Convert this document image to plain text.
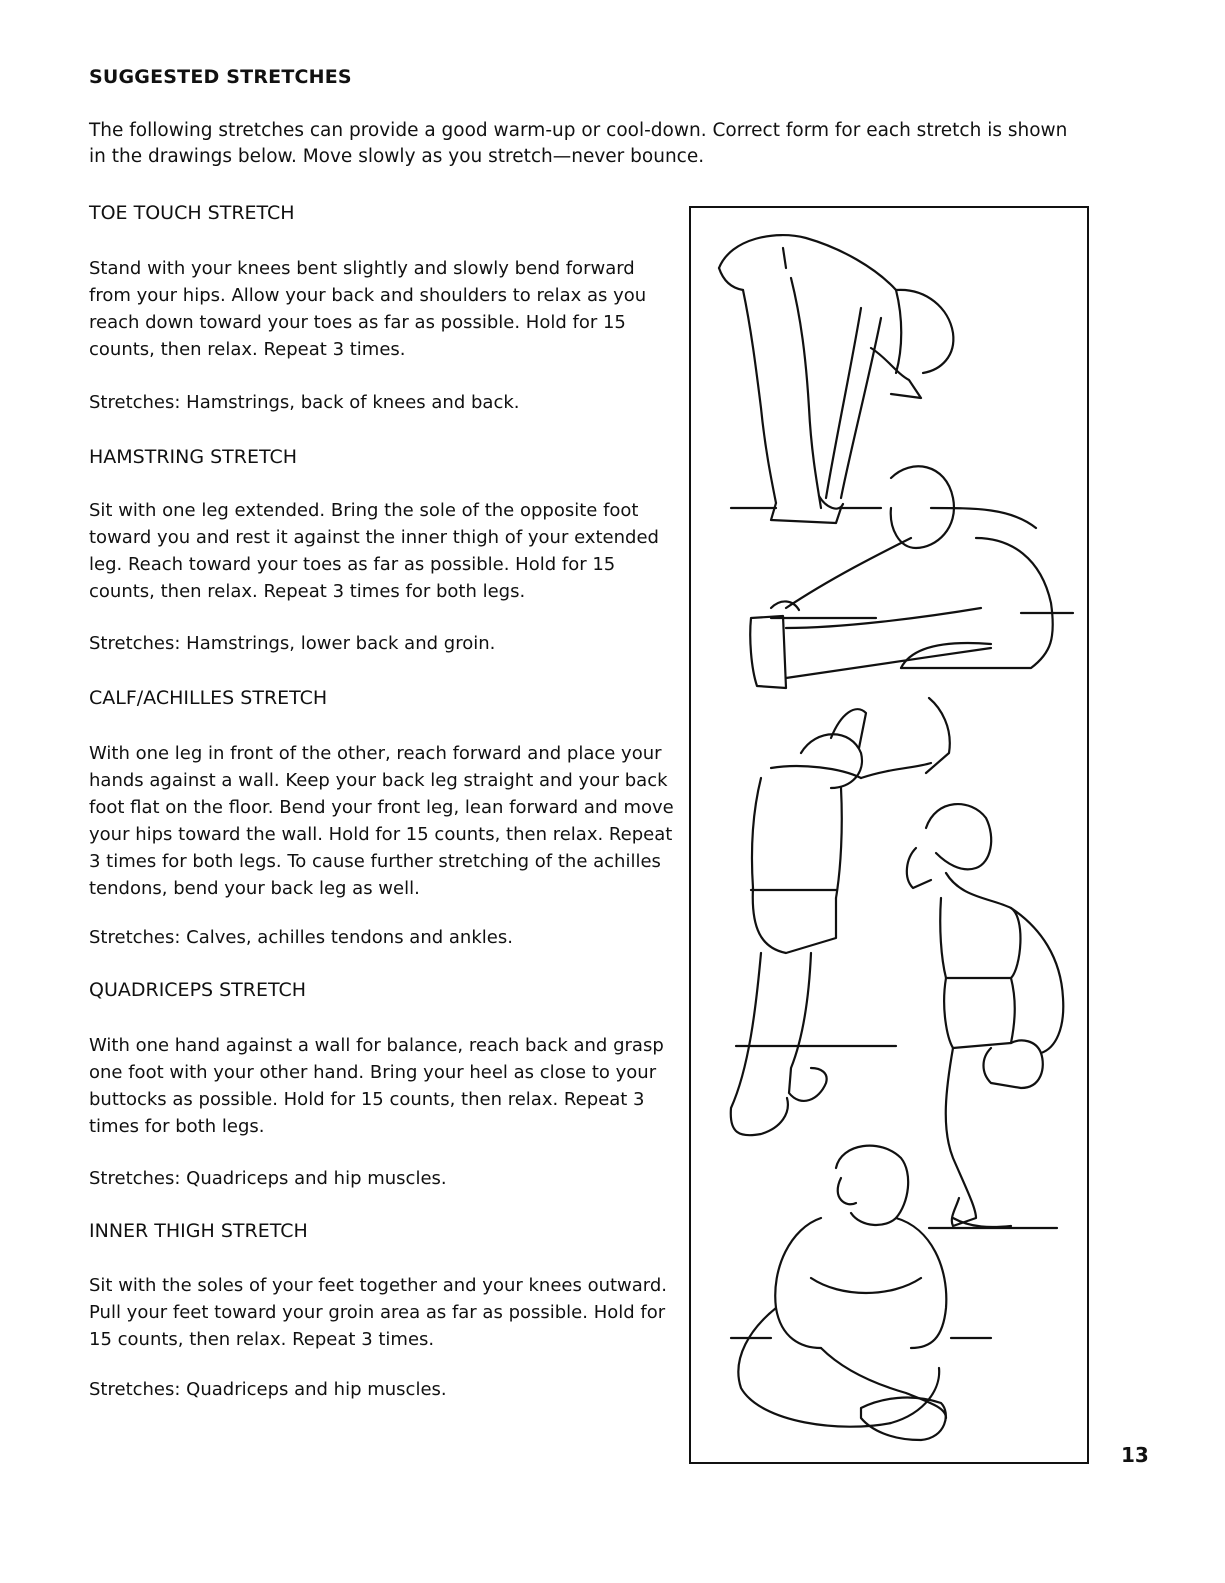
SUGGESTED STRETCHES
The following stretches can provide a good warm-up or cool-down. Correct form for each stretch is shown in the drawings below. Move slowly as you stretch—never bounce.
TOE TOUCH STRETCH
Stand with your knees bent slightly and slowly bend forward from your hips. Allow your back and shoulders to relax as you reach down toward your toes as far as possible. Hold for 15 counts, then relax. Repeat 3 times.
Stretches: Hamstrings, back of knees and back.
HAMSTRING STRETCH
Sit with one leg extended. Bring the sole of the opposite foot toward you and rest it against the inner thigh of your extended leg. Reach toward your toes as far as possible. Hold for 15 counts, then relax. Repeat 3 times for both legs.
Stretches: Hamstrings, lower back and groin.
CALF/ACHILLES STRETCH
With one leg in front of the other, reach forward and place your hands against a wall. Keep your back leg straight and your back foot flat on the floor. Bend your front leg, lean forward and move your hips toward the wall. Hold for 15 counts, then relax. Repeat 3 times for both legs. To cause further stretching of the achilles tendons, bend your back leg as well.
Stretches: Calves, achilles tendons and ankles.
QUADRICEPS STRETCH
With one hand against a wall for balance, reach back and grasp one foot with your other hand. Bring your heel as close to your buttocks as possible. Hold for 15 counts, then relax. Repeat 3 times for both legs.
Stretches: Quadriceps and hip muscles.
INNER THIGH STRETCH
Sit with the soles of your feet together and your knees outward. Pull your feet toward your groin area as far as possible. Hold for 15 counts, then relax. Repeat 3 times.
Stretches: Quadriceps and hip muscles.
13
